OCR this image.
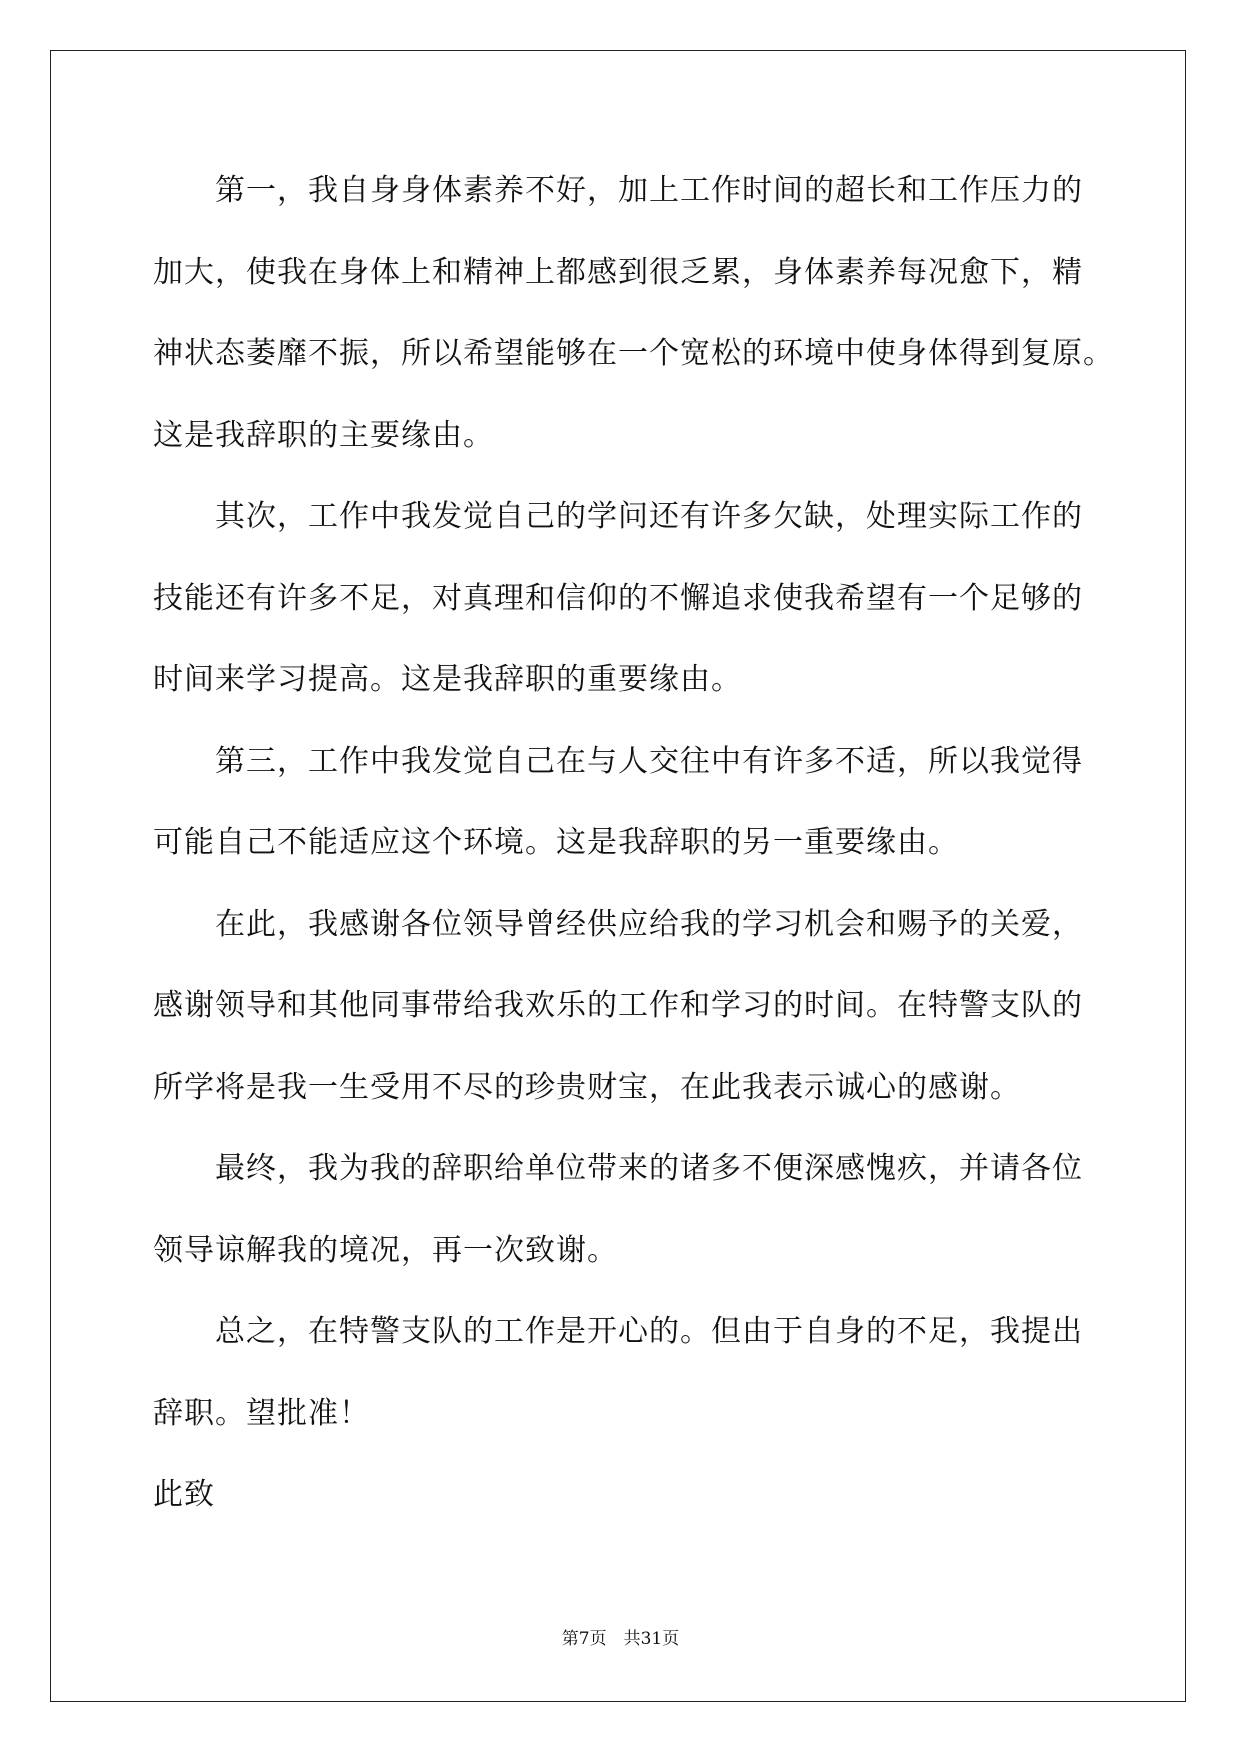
第一，我自身身体素养不好，加上工作时间的超长和工作压力的
加大，使我在身体上和精神上都感到很乏累，身体素养每况愈下，精
神状态萎靡不振，所以希望能够在一个宽松的环境中使身体得到复原。
这是我辞职的主要缘由。
其次，工作中我发觉自己的学问还有许多欠缺，处理实际工作的
技能还有许多不足，对真理和信仰的不懈追求使我希望有一个足够的
时间来学习提高。这是我辞职的重要缘由。
第三，工作中我发觉自己在与人交往中有许多不适，所以我觉得
可能自己不能适应这个环境。这是我辞职的另一重要缘由。
在此，我感谢各位领导曾经供应给我的学习机会和赐予的关爱，
感谢领导和其他同事带给我欢乐的工作和学习的时间。在特警支队的
所学将是我一生受用不尽的珍贵财宝，在此我表示诚心的感谢。
最终，我为我的辞职给单位带来的诸多不便深感愧疚，并请各位
领导谅解我的境况，再一次致谢。
总之，在特警支队的工作是开心的。但由于自身的不足，我提出
辞职。望批准！
此致
第7页　共31页
